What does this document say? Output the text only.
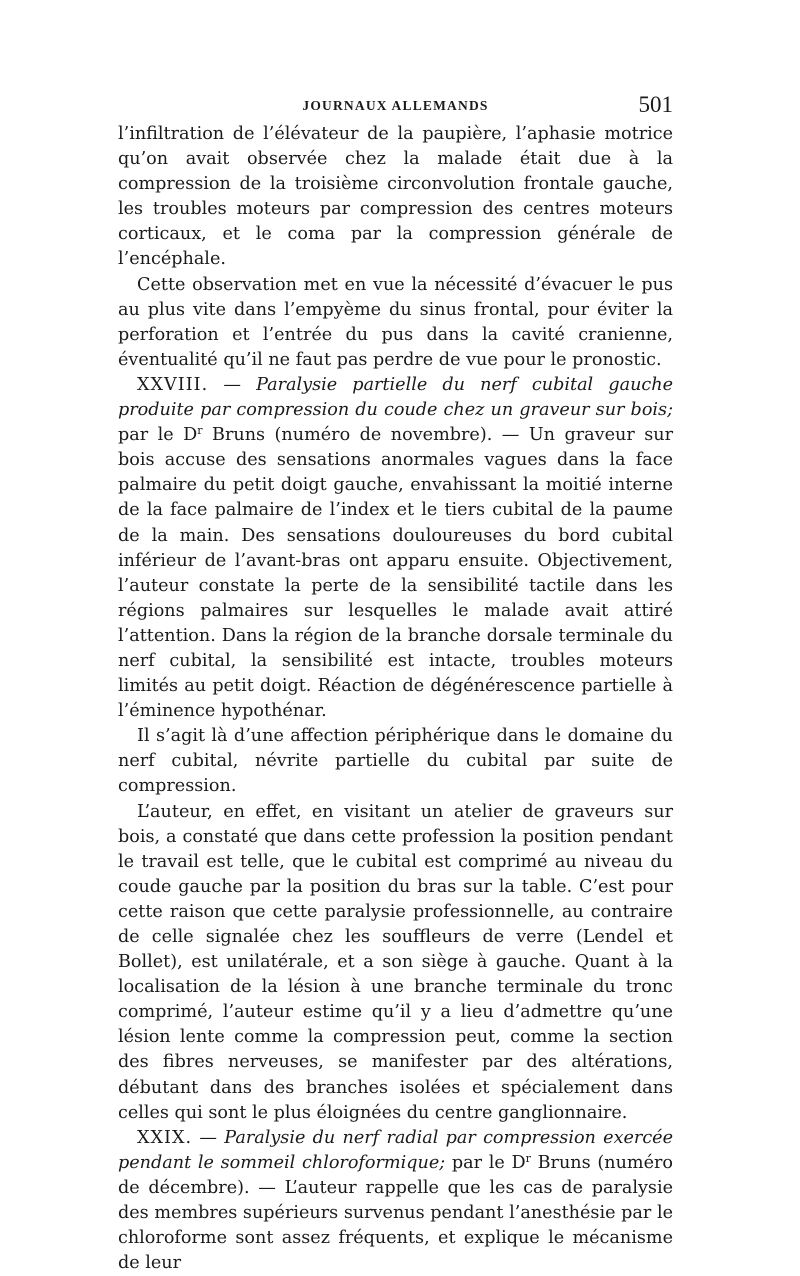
JOURNAUX ALLEMANDS	501

l’infiltration de l’élévateur de la paupière, l’aphasie motrice qu’on avait observée chez la malade était due à la compression de la troisième circonvolution frontale gauche, les troubles moteurs par compression des centres moteurs corticaux, et le coma par la compression générale de l’encéphale.

Cette observation met en vue la nécessité d’évacuer le pus au plus vite dans l’empyème du sinus frontal, pour éviter la perforation et l’entrée du pus dans la cavité cranienne, éventualité qu’il ne faut pas perdre de vue pour le pronostic.

XXVIII. — Paralysie partielle du nerf cubital gauche produite par compression du coude chez un graveur sur bois; par le $D^r$ Bruns (numéro de novembre). — Un graveur sur bois accuse des sensations anormales vagues dans la face palmaire du petit doigt gauche, envahissant la moitié interne de la face palmaire de l’index et le tiers cubital de la paume de la main. Des sensations douloureuses du bord cubital inférieur de l’avant-bras ont apparu ensuite. Objectivement, l’auteur constate la perte de la sensibilité tactile dans les régions palmaires sur lesquelles le malade avait attiré l’attention. Dans la région de la branche dorsale terminale du nerf cubital, la sensibilité est intacte, troubles moteurs limités au petit doigt. Réaction de dégénérescence partielle à l’éminence hypothénar.

Il s’agit là d’une affection périphérique dans le domaine du nerf cubital, névrite partielle du cubital par suite de compression.

L’auteur, en effet, en visitant un atelier de graveurs sur bois, a constaté que dans cette profession la position pendant le travail est telle, que le cubital est comprimé au niveau du coude gauche par la position du bras sur la table. C’est pour cette raison que cette paralysie professionnelle, au contraire de celle signalée chez les souffleurs de verre (Lendel et Bollet), est unilatérale, et a son siège à gauche. Quant à la localisation de la lésion à une branche terminale du tronc comprimé, l’auteur estime qu’il y a lieu d’admettre qu’une lésion lente comme la compression peut, comme la section des fibres nerveuses, se manifester par des altérations, débutant dans des branches isolées et spécialement dans celles qui sont le plus éloignées du centre ganglionnaire.

XXIX. — Paralysie du nerf radial par compression exercée pendant le sommeil chloroformique; par le $D^r$ Bruns (numéro de décembre). — L’auteur rappelle que les cas de paralysie des membres supérieurs survenus pendant l’anesthésie par le chloroforme sont assez fréquents, et explique le mécanisme de leur
